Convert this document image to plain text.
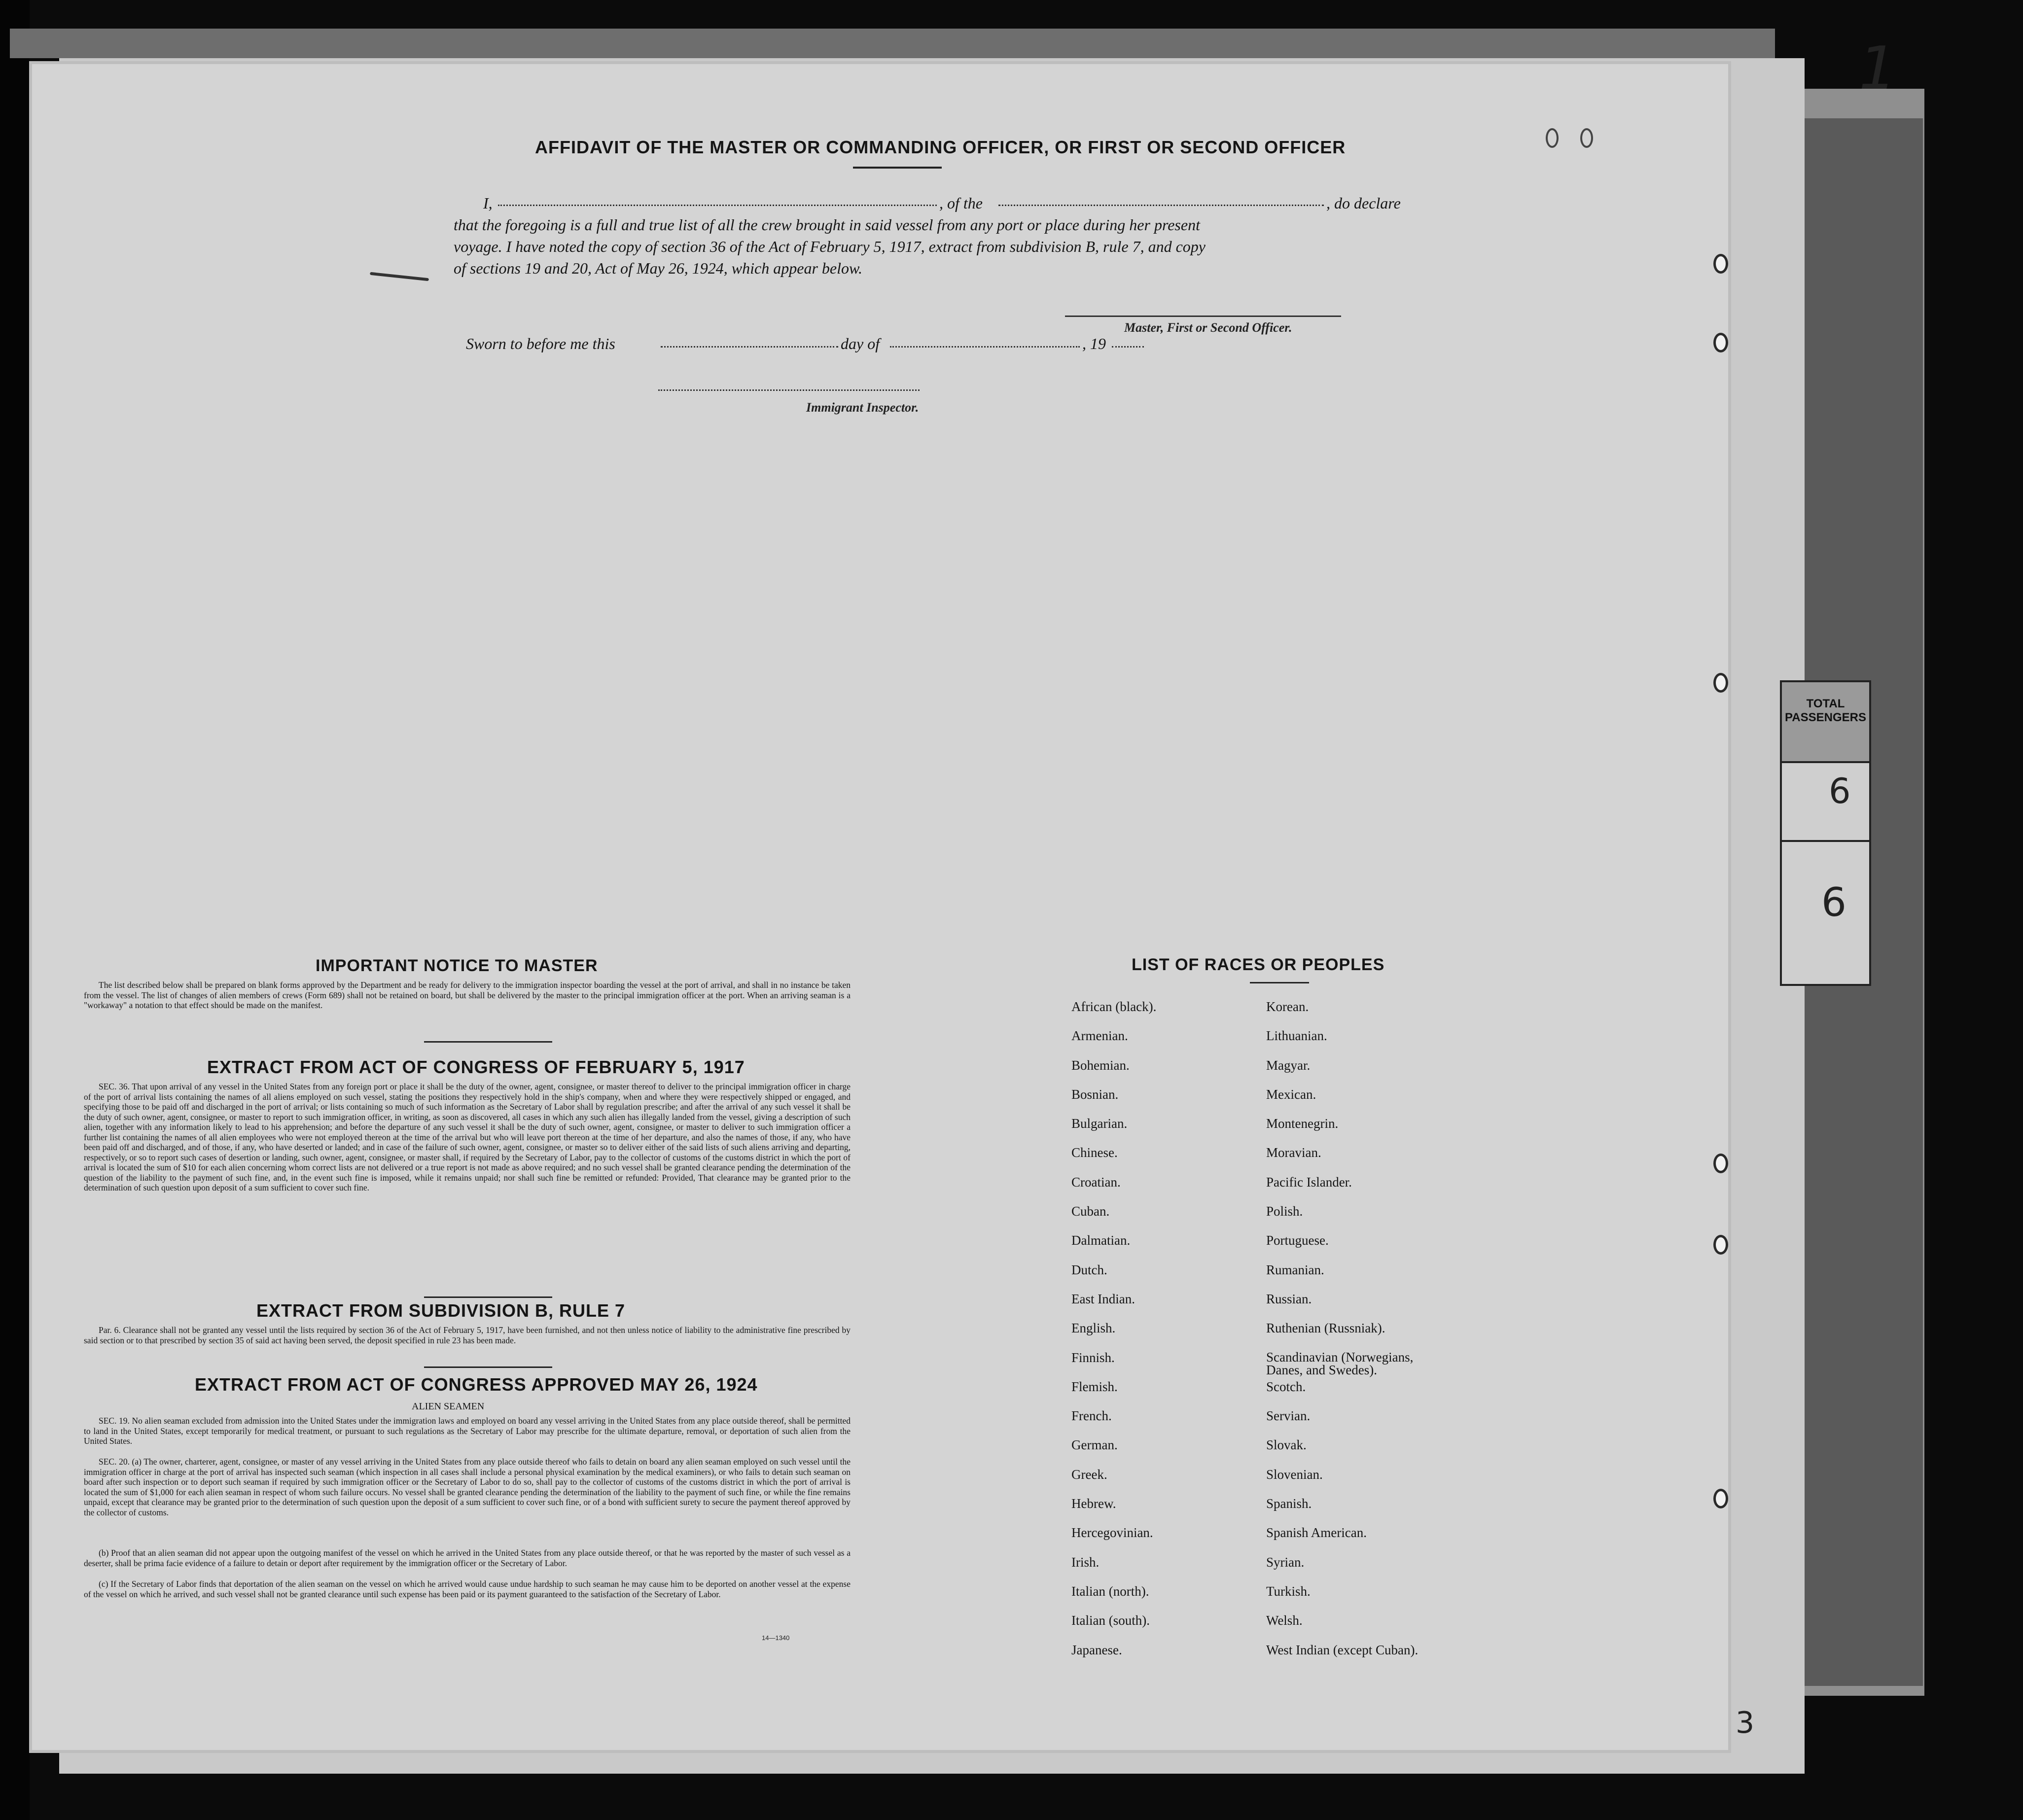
TOTAL PASSENGERS
6
6
1
3
AFFIDAVIT OF THE MASTER OR COMMANDING OFFICER, OR FIRST OR SECOND OFFICER
I,	, of the	, do declare
that the foregoing is a full and true list of all the crew brought in said vessel from any port or place during her present
voyage. I have noted the copy of section 36 of the Act of February 5, 1917, extract from subdivision B, rule 7, and copy
of sections 19 and 20, Act of May 26, 1924, which appear below.
Master, First or Second Officer.
Sworn to before me this	day of	, 19
Immigrant Inspector.
IMPORTANT NOTICE TO MASTER
The list described below shall be prepared on blank forms approved by the Department and be ready for delivery to the immigration inspector boarding the vessel at the port of arrival, and shall in no instance be taken from the vessel. The list of changes of alien members of crews (Form 689) shall not be retained on board, but shall be delivered by the master to the principal immigration officer at the port. When an arriving seaman is a "workaway" a notation to that effect should be made on the manifest.
EXTRACT FROM ACT OF CONGRESS OF FEBRUARY 5, 1917
SEC. 36. That upon arrival of any vessel in the United States from any foreign port or place it shall be the duty of the owner, agent, consignee, or master thereof to deliver to the principal immigration officer in charge of the port of arrival lists containing the names of all aliens employed on such vessel, stating the positions they respectively hold in the ship's company, when and where they were respectively shipped or engaged, and specifying those to be paid off and discharged in the port of arrival; or lists containing so much of such information as the Secretary of Labor shall by regulation prescribe; and after the arrival of any such vessel it shall be the duty of such owner, agent, consignee, or master to report to such immigration officer, in writing, as soon as discovered, all cases in which any such alien has illegally landed from the vessel, giving a description of such alien, together with any information likely to lead to his apprehension; and before the departure of any such vessel it shall be the duty of such owner, agent, consignee, or master to deliver to such immigration officer a further list containing the names of all alien employees who were not employed thereon at the time of the arrival but who will leave port thereon at the time of her departure, and also the names of those, if any, who have been paid off and discharged, and of those, if any, who have deserted or landed; and in case of the failure of such owner, agent, consignee, or master so to deliver either of the said lists of such aliens arriving and departing, respectively, or so to report such cases of desertion or landing, such owner, agent, consignee, or master shall, if required by the Secretary of Labor, pay to the collector of customs of the customs district in which the port of arrival is located the sum of $10 for each alien concerning whom correct lists are not delivered or a true report is not made as above required; and no such vessel shall be granted clearance pending the determination of the question of the liability to the payment of such fine, and, in the event such fine is imposed, while it remains unpaid; nor shall such fine be remitted or refunded: Provided, That clearance may be granted prior to the determination of such question upon deposit of a sum sufficient to cover such fine.
EXTRACT FROM SUBDIVISION B, RULE 7
Par. 6. Clearance shall not be granted any vessel until the lists required by section 36 of the Act of February 5, 1917, have been furnished, and not then unless notice of liability to the administrative fine prescribed by said section or to that prescribed by section 35 of said act having been served, the deposit specified in rule 23 has been made.
EXTRACT FROM ACT OF CONGRESS APPROVED MAY 26, 1924
ALIEN SEAMEN
SEC. 19. No alien seaman excluded from admission into the United States under the immigration laws and employed on board any vessel arriving in the United States from any place outside thereof, shall be permitted to land in the United States, except temporarily for medical treatment, or pursuant to such regulations as the Secretary of Labor may prescribe for the ultimate departure, removal, or deportation of such alien from the United States.
SEC. 20. (a) The owner, charterer, agent, consignee, or master of any vessel arriving in the United States from any place outside thereof who fails to detain on board any alien seaman employed on such vessel until the immigration officer in charge at the port of arrival has inspected such seaman (which inspection in all cases shall include a personal physical examination by the medical examiners), or who fails to detain such seaman on board after such inspection or to deport such seaman if required by such immigration officer or the Secretary of Labor to do so, shall pay to the collector of customs of the customs district in which the port of arrival is located the sum of $1,000 for each alien seaman in respect of whom such failure occurs. No vessel shall be granted clearance pending the determination of the liability to the payment of such fine, or while the fine remains unpaid, except that clearance may be granted prior to the determination of such question upon the deposit of a sum sufficient to cover such fine, or of a bond with sufficient surety to secure the payment thereof approved by the collector of customs.
(b) Proof that an alien seaman did not appear upon the outgoing manifest of the vessel on which he arrived in the United States from any place outside thereof, or that he was reported by the master of such vessel as a deserter, shall be prima facie evidence of a failure to detain or deport after requirement by the immigration officer or the Secretary of Labor.
(c) If the Secretary of Labor finds that deportation of the alien seaman on the vessel on which he arrived would cause undue hardship to such seaman he may cause him to be deported on another vessel at the expense of the vessel on which he arrived, and such vessel shall not be granted clearance until such expense has been paid or its payment guaranteed to the satisfaction of the Secretary of Labor.
14—1340
LIST OF RACES OR PEOPLES
African (black).
Armenian.
Bohemian.
Bosnian.
Bulgarian.
Chinese.
Croatian.
Cuban.
Dalmatian.
Dutch.
East Indian.
English.
Finnish.
Flemish.
French.
German.
Greek.
Hebrew.
Hercegovinian.
Irish.
Italian (north).
Italian (south).
Japanese.
Korean.
Lithuanian.
Magyar.
Mexican.
Montenegrin.
Moravian.
Pacific Islander.
Polish.
Portuguese.
Rumanian.
Russian.
Ruthenian (Russniak).
Scandinavian (Norwegians, Danes, and Swedes).
Scotch.
Servian.
Slovak.
Slovenian.
Spanish.
Spanish American.
Syrian.
Turkish.
Welsh.
West Indian (except Cuban).
